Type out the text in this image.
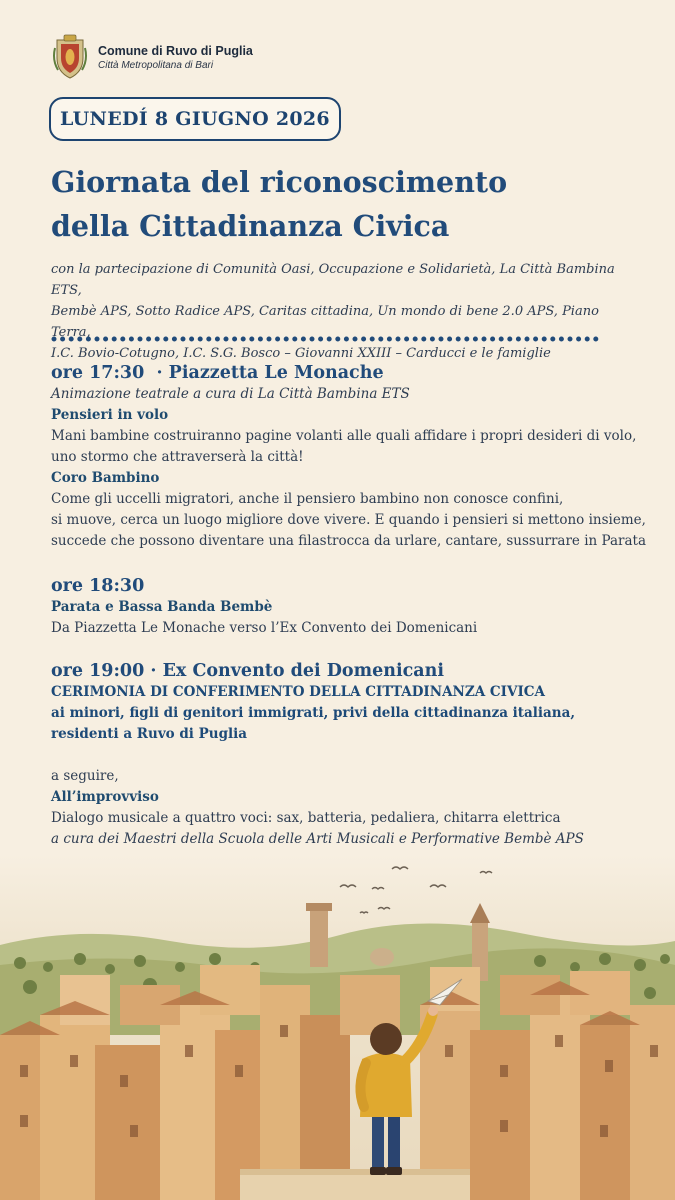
Comune di Ruvo di Puglia
Città Metropolitana di Bari
LUNEDÍ 8 GIUGNO 2026
Giornata del riconoscimento
della Cittadinanza Civica
con la partecipazione di Comunità Oasi, Occupazione e Solidarietà, La Città Bambina ETS,
Bembè APS, Sotto Radice APS, Caritas cittadina, Un mondo di bene 2.0 APS, Piano Terra,
I.C. Bovio-Cotugno, I.C. S.G. Bosco – Giovanni XXIII – Carducci e le famiglie
ore 17:30 · Piazzetta Le Monache
Animazione teatrale a cura di La Città Bambina ETS
Pensieri in volo
Mani bambine costruiranno pagine volanti alle quali affidare i propri desideri di volo,
uno stormo che attraverserà la città!
Coro Bambino
Come gli uccelli migratori, anche il pensiero bambino non conosce confini,
si muove, cerca un luogo migliore dove vivere. E quando i pensieri si mettono insieme,
succede che possono diventare una filastrocca da urlare, cantare, sussurrare in Parata
ore 18:30
Parata e Bassa Banda Bembè
Da Piazzetta Le Monache verso l’Ex Convento dei Domenicani
ore 19:00 · Ex Convento dei Domenicani
CERIMONIA DI CONFERIMENTO DELLA CITTADINANZA CIVICA
ai minori, figli di genitori immigrati, privi della cittadinanza italiana,
residenti a Ruvo di Puglia
a seguire,
All’improvviso
Dialogo musicale a quattro voci: sax, batteria, pedaliera, chitarra elettrica
a cura dei Maestri della Scuola delle Arti Musicali e Performative Bembè APS
